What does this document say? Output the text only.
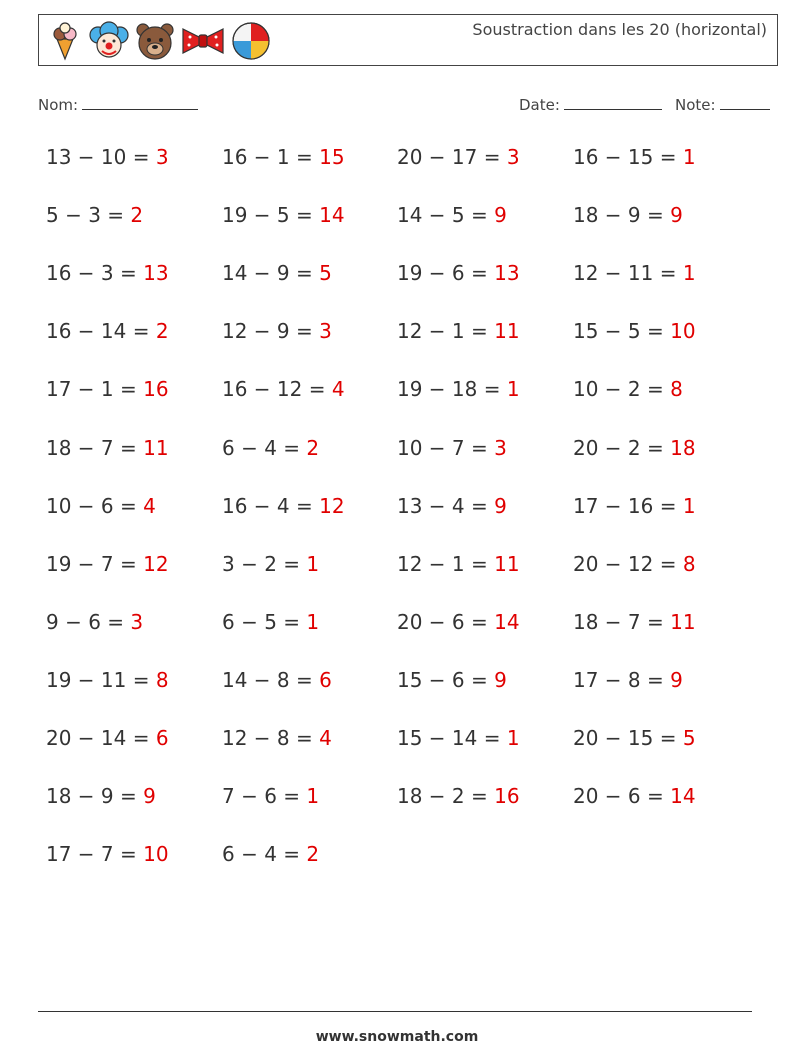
Soustraction dans les 20 (horizontal)
Nom:	Date:	Note:
13 − 10 = 3	16 − 1 = 15	20 − 17 = 3	16 − 15 = 1
5 − 3 = 2	19 − 5 = 14	14 − 5 = 9	18 − 9 = 9
16 − 3 = 13	14 − 9 = 5	19 − 6 = 13	12 − 11 = 1
16 − 14 = 2	12 − 9 = 3	12 − 1 = 11	15 − 5 = 10
17 − 1 = 16	16 − 12 = 4	19 − 18 = 1	10 − 2 = 8
18 − 7 = 11	6 − 4 = 2	10 − 7 = 3	20 − 2 = 18
10 − 6 = 4	16 − 4 = 12	13 − 4 = 9	17 − 16 = 1
19 − 7 = 12	3 − 2 = 1	12 − 1 = 11	20 − 12 = 8
9 − 6 = 3	6 − 5 = 1	20 − 6 = 14	18 − 7 = 11
19 − 11 = 8	14 − 8 = 6	15 − 6 = 9	17 − 8 = 9
20 − 14 = 6	12 − 8 = 4	15 − 14 = 1	20 − 15 = 5
18 − 9 = 9	7 − 6 = 1	18 − 2 = 16	20 − 6 = 14
17 − 7 = 10	6 − 4 = 2
www.snowmath.com
